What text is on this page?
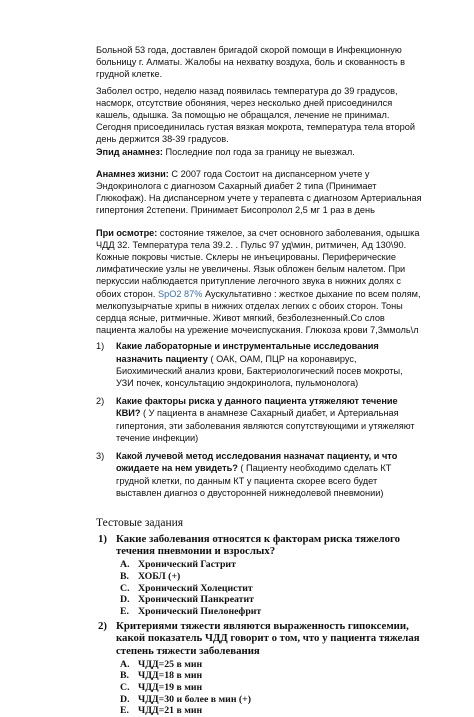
Больной 53 года, доставлен бригадой скорой помощи в Инфекционную больницу г. Алматы. Жалобы на нехватку воздуха, боль и скованность в грудной клетке.

Заболел остро, неделю назад появилась температура до 39 градусов, насморк, отсутствие обоняния, через несколько дней присоединился кашель, одышка. За помощью не обращался, лечение не принимал. Сегодня присоединилась густая вязкая мокрота, температура тела второй день держится 38-39 градусов.
Эпид анамнез: Последние пол года за границу не выезжал.

Анамнез жизни: С 2007 года Состоит на диспансерном учете у Эндокринолога с диагнозом Сахарный диабет 2 типа (Принимает Глюкофаж). На диспансерном учете у терапевта с диагнозом Артериальная гипертония 2степени. Принимает Бисопролол 2,5 мг 1 раз в день

При осмотре: состояние тяжелое, за счет основного заболевания, одышка ЧДД 32. Температура тела 39.2. . Пульс 97 уд\мин, ритмичен, Ад 130\90. Кожные покровы чистые. Склеры не инъецированы. Периферические лимфатические узлы не увеличены. Язык обложен белым налетом. При перкуссии наблюдается притупление легочного звука в нижних долях с обоих сторон. SpO2 87% Аускультативно : жесткое дыхание по всем полям, мелкопузырчатые хрипы в нижних отделах легких с обоих сторон. Тоны сердца ясные, ритмичные. Живот мягкий, безболезненный.Со слов пациента жалобы на урежение мочеиспускания. Глюкоза крови 7,3ммоль\л

1) Какие лабораторные и инструментальные исследования назначить пациенту ( ОАК, ОАМ, ПЦР на коронавирус, Биохимический анализ крови, Бактериологический посев мокроты, УЗИ почек, консультацию эндокринолога, пульмонолога)
2) Какие факторы риска у данного пациента утяжеляют течение КВИ? ( У пациента в анамнезе Сахарный диабет, и Артериальная гипертония, эти заболевания являются сопутствующими и утяжеляют течение инфекции)
3) Какой лучевой метод исследования назначат пациенту, и что ожидаете на нем увидеть? ( Пациенту необходимо сделать КТ грудной клетки, по данным КТ у пациента скорее всего будет выставлен диагноз о двусторонней нижнедолевой пневмонии)
Тестовые задания
1) Какие заболевания относятся к факторам риска тяжелого течения пневмонии и взрослых?
A. Хронический Гастрит
B. ХОБЛ (+)
C. Хронический Холецистит
D. Хронический Панкреатит
E. Хронический Пиелонефрит
2) Критериями тяжести являются выраженность гипоксемии, какой показатель ЧДД говорит о том, что у пациента тяжелая степень тяжести заболевания
A. ЧДД=25 в мин
B. ЧДД=18 в мин
C. ЧДД=19 в мин
D. ЧДД=30 и более в мин (+)
E. ЧДД=21 в мин
